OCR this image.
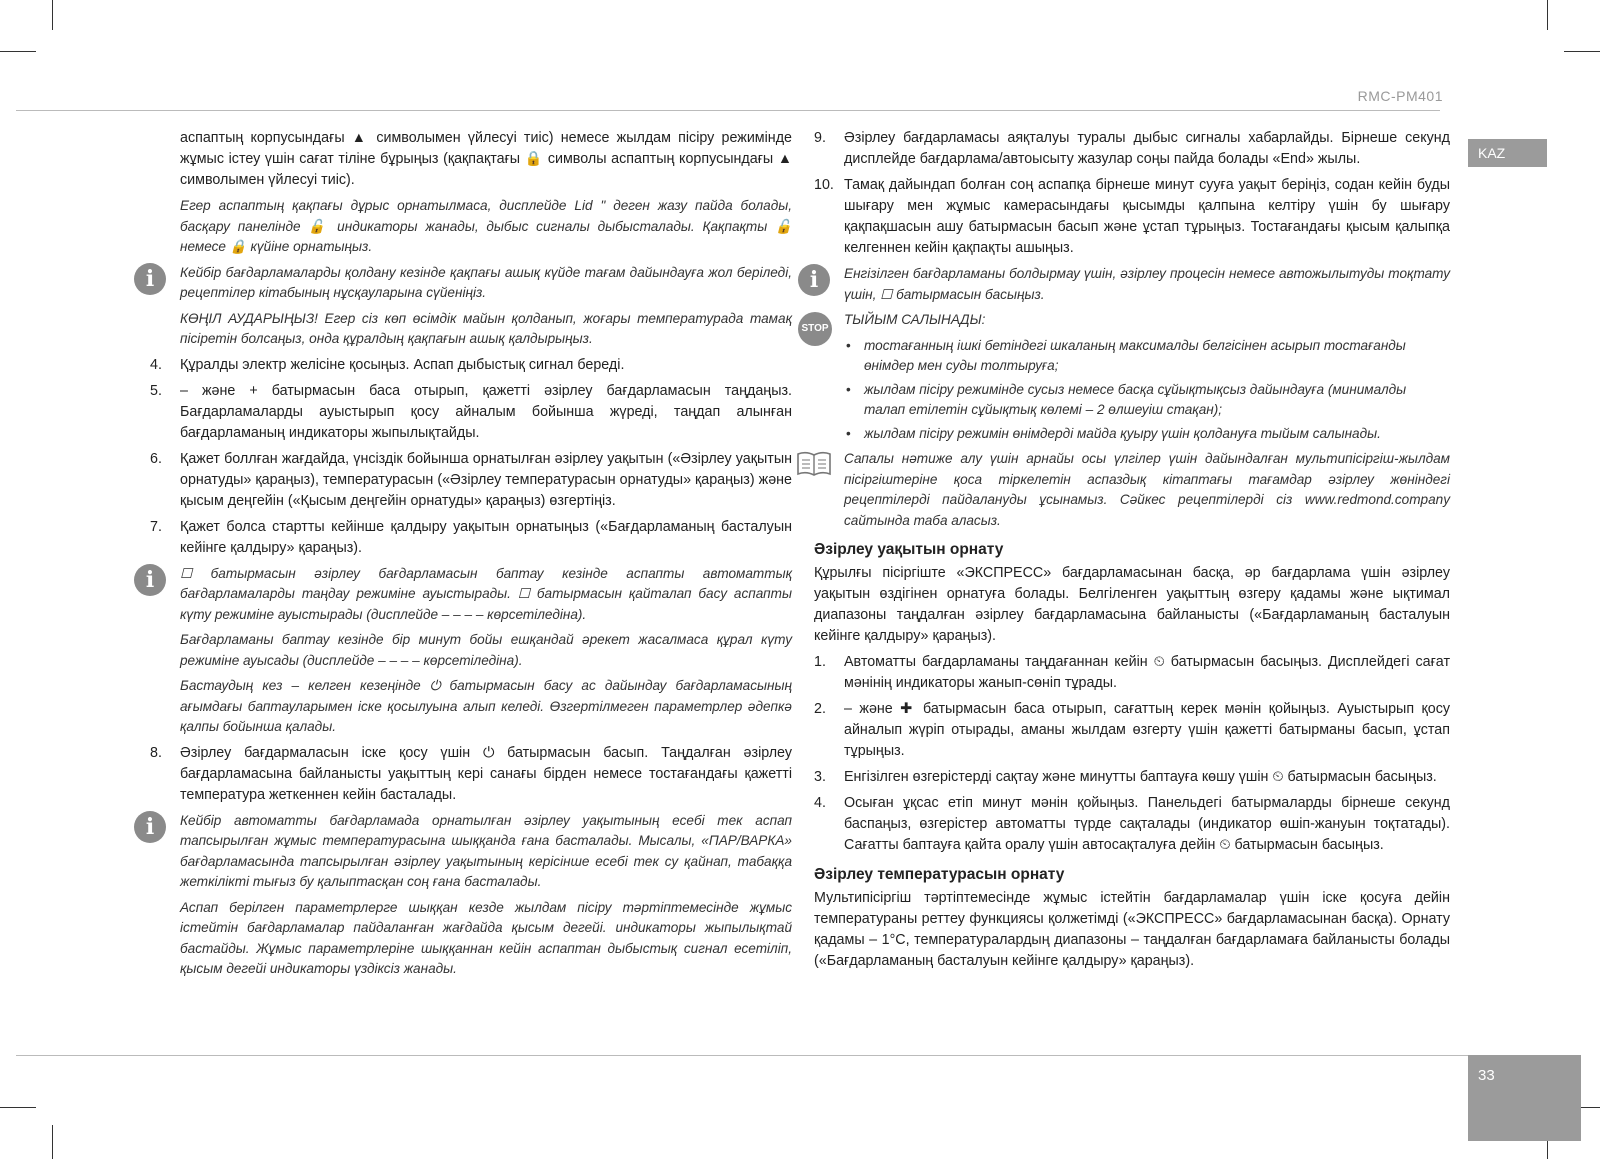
RMC-PM401
KAZ
33

аспаптың корпусындағы ▲ символымен үйлесуі тиіс) немесе жылдам пісіру режимінде жұмыс істеу үшін сағат тіліне бұрыңыз (қақпақтағы 🔒 символы аспаптың корпусындағы ▲ символымен үйлесуі тиіс).

Егер аспаптың қақпағы дұрыс орнатылмаса, дисплейде Lid " деген жазу пайда болады, басқару панелінде 🔓 индикаторы жанады, дыбыс сигналы дыбысталады. Қақпақты 🔓 немесе 🔒 күйіне орнатыңыз.

i	Кейбір бағдарламаларды қолдану кезінде қақпағы ашық күйде тағам дайындауға жол беріледі, рецептілер кітабының нұсқауларына сүйеніңіз.

КӨҢІЛ АУДАРЫҢЫЗ! Егер сіз көп өсімдік майын қолданып, жоғары температурада тамақ пісіретін болсаңыз, онда құралдың қақпағын ашық қалдырыңыз.

4.	Құралды электр желісіне қосыңыз. Аспап дыбыстық сигнал береді.
5.	– және + батырмасын баса отырып, қажетті әзірлеу бағдарламасын таңдаңыз. Бағдарламаларды ауыстырып қосу айналым бойынша жүреді, таңдап алынған бағдарламаның индикаторы жыпылықтайды.
6.	Қажет боллған жағдайда, үнсіздік бойынша орнатылған әзірлеу уақытын («Әзірлеу уақытын орнатуды» қараңыз), температурасын («Әзірлеу температурасын орнатуды» қараңыз) және қысым деңгейін («Қысым деңгейін орнатуды» қараңыз) өзгертіңіз.
7.	Қажет болса стартты кейінше қалдыру уақытын орнатыңыз («Бағдарламаның басталуын кейінге қалдыру» қараңыз).
i	☐ батырмасын әзірлеу бағдарламасын баптау кезінде аспапты автоматтық бағдарламаларды таңдау режиміне ауыстырады. ☐ батырмасын қайталап басу аспапты күту режиміне ауыстырады (дисплейде – – – – көрсетіледіна).

Бағдарламаны баптау кезінде бір минут бойы ешқандай әрекет жасалмаса құрал күту режиміне ауысады (дисплейде – – – – көрсетіледіна).

Бастаудың кез – келген кезеңінде ⏻ батырмасын басу ас дайындау бағдарламасының ағымдағы баптауларымен іске қосылуына алып келеді. Өзгертілмеген параметрлер әдепкә қалпы бойынша қалады.

8.	Әзірлеу бағдармаласын іске қосу үшін ⏻ батырмасын басып. Таңдалған әзірлеу бағдарламасына байланысты уақыттың кері санағы бірден немесе тостағандағы қажетті температура жеткеннен кейін басталады.
i	Кейбір автоматты бағдарламада орнатылған әзірлеу уақытының есебі тек аспап тапсырылған жұмыс температурасына шыққанда ғана басталады. Мысалы, «ПАР/ВАРКА» бағдарламасында тапсырылған әзірлеу уақытының керісінше есебі тек су қайнап, табаққа жеткілікті тығыз бу қалыптасқан соң ғана басталады.

Аспап берілген параметрлерге шыққан кезде жылдам пісіру тәртіптемесінде жұмыс істейтін бағдарламалар пайдаланған жағдайда қысым дегейі. индикаторы жыпылықтай бастайды. Жұмыс параметрлеріне шыққаннан кейін аспаптан дыбыстық сигнал есетіліп, қысым дегейі индикаторы үздіксіз жанады.

9.	Әзірлеу бағдарламасы аяқталуы туралы дыбыс сигналы хабарлайды. Бірнеше секунд дисплейде бағдарлама/автоысыту жазулар соңы пайда болады «End» жылы.
10. Тамақ дайындап болған соң аспапқа бірнеше минут сууға уақыт беріңіз, содан кейін буды шығару мен жұмыс камерасындағы қысымды қалпына келтіру үшін бу шығару қақпақшасын ашу батырмасын басып және ұстап тұрыңыз. Тостағандағы қысым қалыпқа келгеннен кейін қақпақты ашыңыз.
i	Енгізілген бағдарламаны болдырмау үшін, әзірлеу процесін немесе автожылытуды тоқтату үшін, ☐ батырмасын басыңыз.

STOP

ТЫЙЫМ САЛЫНАДЫ:

• тостағанның ішкі бетіндегі шкаланың максималды белгісінен асырып тостағанды өнімдер мен суды толтыруға;
• жылдам пісіру режимінде сусыз немесе басқа сұйықтықсыз дайындауға (минималды талап етілетін сұйықтық көлемі – 2 өлшеуіш стақан);
• жылдам пісіру режимін өнімдерді майда қуыру үшін қолдануға тыйым салынады.

Сапалы нәтиже алу үшін арнайы осы үлгілер үшін дайындалған мультипісіргіш-жылдам пісіргіштеріне қоса тіркелетін аспаздық кітаптағы тағамдар әзірлеу жөніндегі рецептілерді пайдалануды ұсынамыз. Сәйкес рецептілерді сіз www.redmond.company сайтында таба аласыз.

Әзірлеу уақытын орнату

Құрылғы пісіргіште «ЭКСПРЕСС» бағдарламасынан басқа, әр бағдарлама үшін әзірлеу уақытын өздігінен орнатуға болады. Белгіленген уақыттың өзгеру қадамы және ықтимал диапазоны таңдалған әзірлеу бағдарламасына байланысты («Бағдарламаның басталуын кейінге қалдыру» қараңыз).

1.	Автоматты бағдарламаны таңдағаннан кейін ⏲ батырмасын басыңыз. Дисплейдегі сағат мәнінің индикаторы жанып-сөніп тұрады.
2.	– және ✚ батырмасын баса отырып, сағаттың керек мәнін қойыңыз. Ауыстырып қосу айналып жүріп отырады, аманы жылдам өзгерту үшін қажетті батырманы басып, ұстап тұрыңыз.
3.	Енгізілген өзгерістерді сақтау және минутты баптауға көшу үшін ⏲ батырмасын басыңыз.
4.	Осыған ұқсас етіп минут мәнін қойыңыз. Панельдегі батырмаларды бірнеше секунд баспаңыз, өзгерістер автоматты түрде сақталады (индикатор өшіп-жануын тоқтатады). Сағатты баптауға қайта оралу үшін автосақталуға дейін ⏲ батырмасын басыңыз.
Әзірлеу температурасын орнату

Мультипісіргіш тәртіптемесінде жұмыс істейтін бағдарламалар үшін іске қосуға дейін температураны реттеу функциясы қолжетімді («ЭКСПРЕСС» бағдарламасынан басқа). Орнату қадамы – 1°С, температуралардың диапазоны – таңдалған бағдарламаға байланысты болады («Бағдарламаның басталуын кейінге қалдыру» қараңыз).
